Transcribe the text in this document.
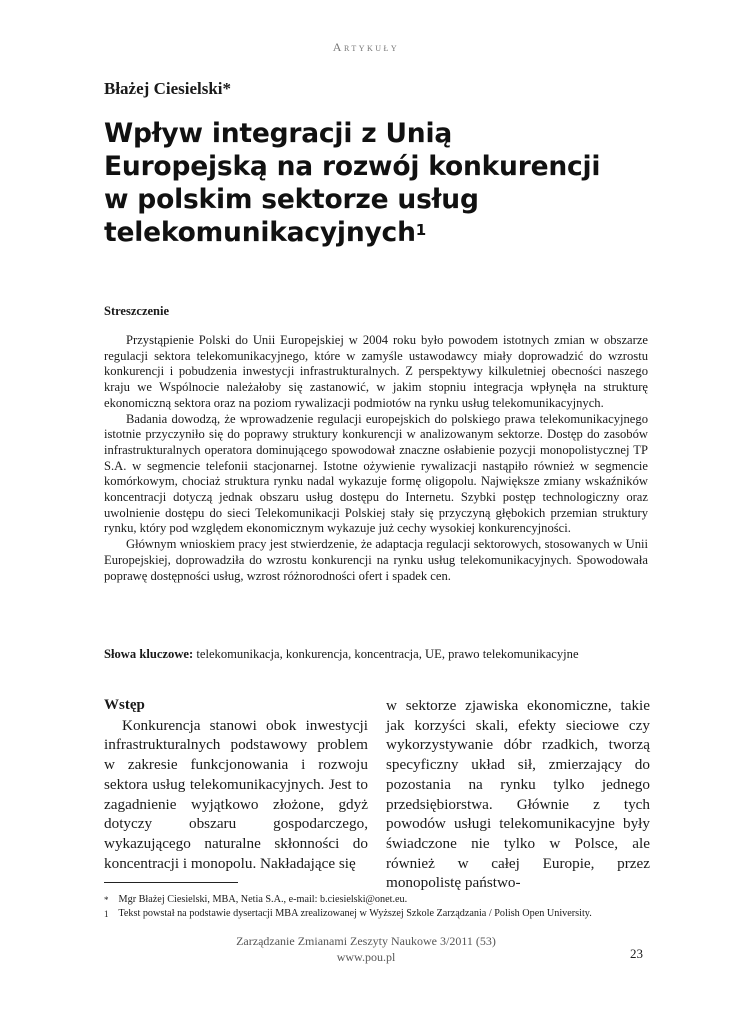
Artykuły
Błażej Ciesielski*
Wpływ integracji z Unią
Europejską na rozwój konkurencji
w polskim sektorze usług
telekomunikacyjnych$^1$
Streszczenie

Przystąpienie Polski do Unii Europejskiej w 2004 roku było powodem istotnych zmian w obszarze regulacji sektora telekomunikacyjnego, które w zamyśle ustawodawcy miały doprowadzić do wzrostu konkurencji i pobudzenia inwestycji infrastrukturalnych. Z perspektywy kilkuletniej obecności naszego kraju we Wspólnocie należałoby się zastanowić, w jakim stopniu integracja wpłynęła na strukturę ekonomiczną sektora oraz na poziom rywalizacji podmiotów na rynku usług telekomunikacyjnych.

Badania dowodzą, że wprowadzenie regulacji europejskich do polskiego prawa telekomunikacyjnego istotnie przyczyniło się do poprawy struktury konkurencji w analizowanym sektorze. Dostęp do zasobów infrastrukturalnych operatora dominującego spowodował znaczne osłabienie pozycji monopolistycznej TP S.A. w segmencie telefonii stacjonarnej. Istotne ożywienie rywalizacji nastąpiło również w segmencie komórkowym, chociaż struktura rynku nadal wykazuje formę oligopolu. Największe zmiany wskaźników koncentracji dotyczą jednak obszaru usług dostępu do Internetu. Szybki postęp technologiczny oraz uwolnienie dostępu do sieci Telekomunikacji Polskiej stały się przyczyną głębokich przemian struktury rynku, który pod względem ekonomicznym wykazuje już cechy wysokiej konkurencyjności.

Głównym wnioskiem pracy jest stwierdzenie, że adaptacja regulacji sektorowych, stosowanych w Unii Europejskiej, doprowadziła do wzrostu konkurencji na rynku usług telekomunikacyjnych. Spowodowała poprawę dostępności usług, wzrost różnorodności ofert i spadek cen.

Słowa kluczowe: telekomunikacja, konkurencja, koncentracja, UE, prawo telekomunikacyjne

Wstęp

Konkurencja stanowi obok inwestycji infrastrukturalnych podstawowy problem w zakresie funkcjonowania i rozwoju sektora usług telekomunikacyjnych. Jest to zagadnienie wyjątkowo złożone, gdyż dotyczy obszaru gospodarczego, wykazującego naturalne skłonności do koncentracji i monopolu. Nakładające się

w sektorze zjawiska ekonomiczne, takie jak korzyści skali, efekty sieciowe czy wykorzystywanie dóbr rzadkich, tworzą specyficzny układ sił, zmierzający do pozostania na rynku tylko jednego przedsiębiorstwa. Głównie z tych powodów usługi telekomunikacyjne były świadczone nie tylko w Polsce, ale również w całej Europie, przez monopolistę państwo-

* Mgr Błażej Ciesielski, MBA, Netia S.A., e-mail: b.ciesielski@onet.eu.
1 Tekst powstał na podstawie dysertacji MBA zrealizowanej w Wyższej Szkole Zarządzania / Polish Open University.
Zarządzanie Zmianami Zeszyty Naukowe 3/2011 (53)
www.pou.pl	23
